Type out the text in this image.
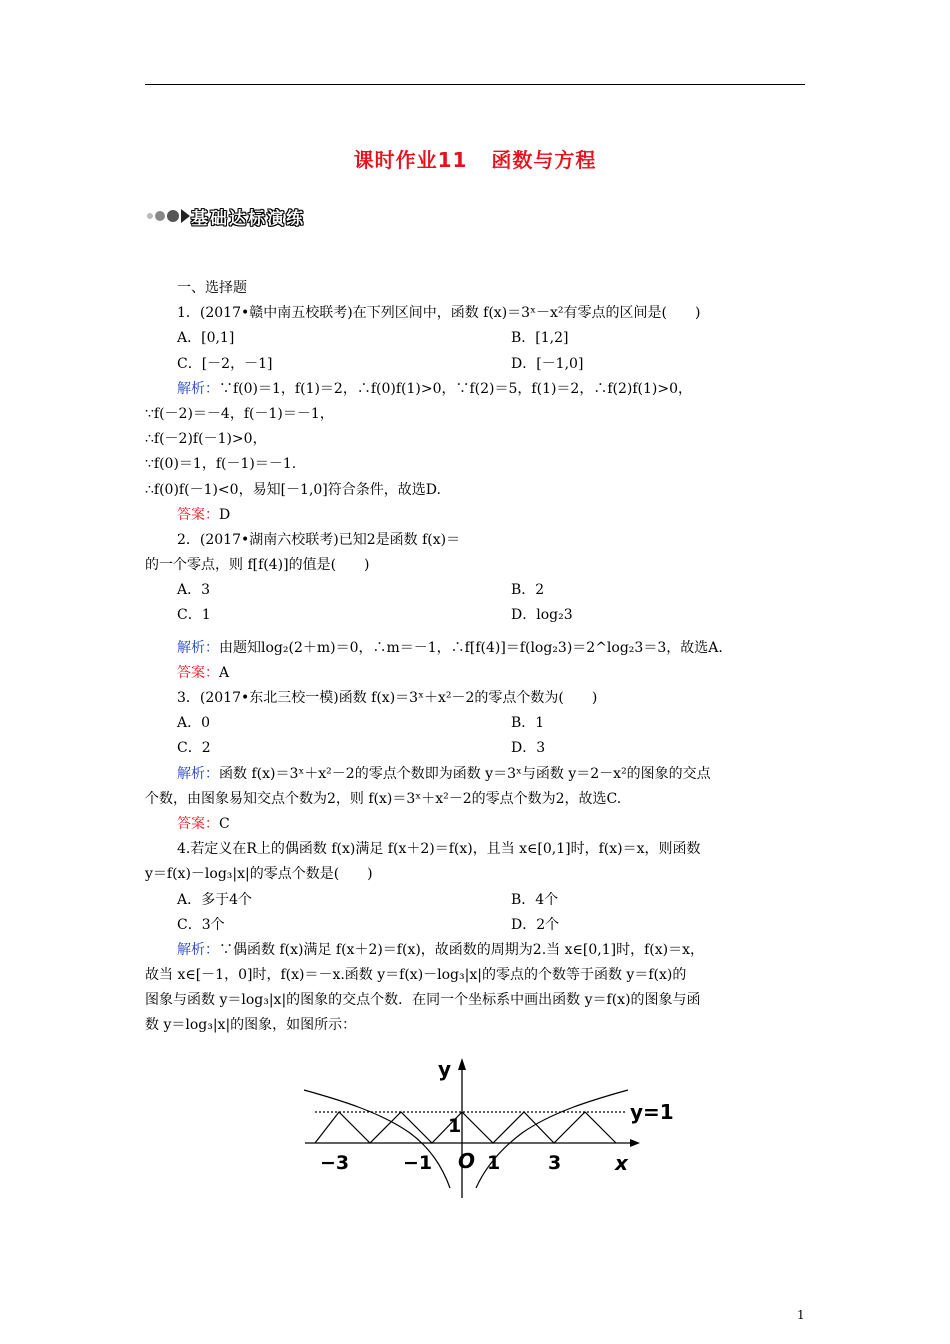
课时作业11 函数与方程
基础达标演练
一、选择题
1．(2017•赣中南五校联考)在下列区间中，函数 f(x)＝3ˣ－x²有零点的区间是(　　)
A．[0,1]	B．[1,2]
C．[－2，－1]	D．[－1,0]
解析：∵f(0)＝1，f(1)＝2，∴f(0)f(1)>0，∵f(2)＝5，f(1)＝2，∴f(2)f(1)>0，
∵f(－2)＝－4，f(－1)＝－1，
∴f(－2)f(－1)>0，
∵f(0)＝1，f(－1)＝－1.
∴f(0)f(－1)<0，易知[－1,0]符合条件，故选D.
答案：D
2．(2017•湖南六校联考)已知2是函数 f(x)＝
的一个零点，则 f[f(4)]的值是(　　)
A．3	B．2
C．1	D．log₂3
解析：由题知log₂(2＋m)＝0，∴m＝－1，∴f[f(4)]＝f(log₂3)＝2^log₂3＝3，故选A.
答案：A
3．(2017•东北三校一模)函数 f(x)＝3ˣ＋x²－2的零点个数为(　　)
A．0	B．1
C．2	D．3
解析：函数 f(x)＝3ˣ＋x²－2的零点个数即为函数 y＝3ˣ与函数 y＝2－x²的图象的交点
个数，由图象易知交点个数为2，则 f(x)＝3ˣ＋x²－2的零点个数为2，故选C.
答案：C
4.若定义在R上的偶函数 f(x)满足 f(x＋2)＝f(x)，且当 x∈[0,1]时，f(x)＝x，则函数
y＝f(x)－log₃|x|的零点个数是(　　)
A．多于4个	B．4个
C．3个	D．2个
解析：∵偶函数 f(x)满足 f(x＋2)＝f(x)，故函数的周期为2.当 x∈[0,1]时，f(x)＝x，
故当 x∈[－1，0]时，f(x)＝－x.函数 y＝f(x)－log₃|x|的零点的个数等于函数 y＝f(x)的
图象与函数 y＝log₃|x|的图象的交点个数．在同一个坐标系中画出函数 y＝f(x)的图象与函
数 y＝log₃|x|的图象，如图所示：
y
x
O
−3	−1	1	3
1
y=1
1
